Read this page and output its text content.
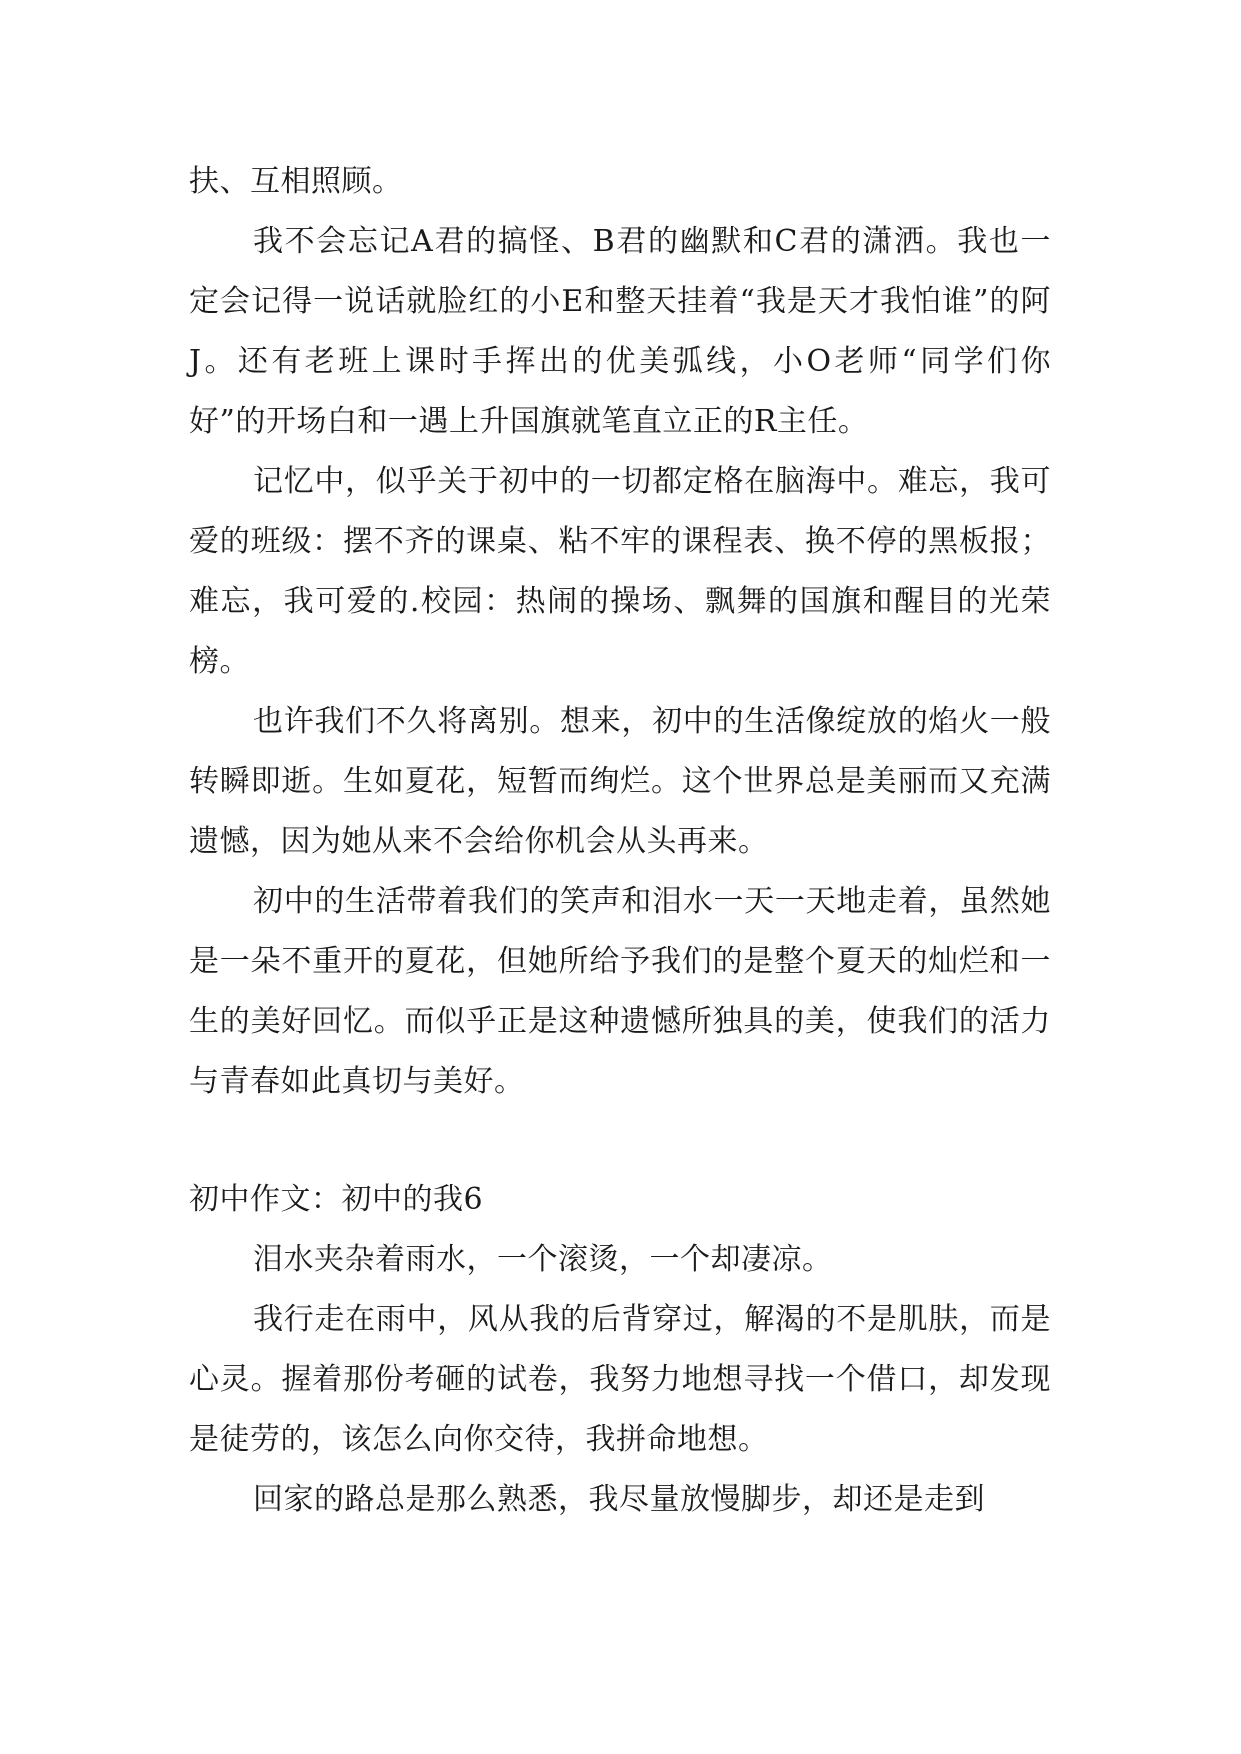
扶、互相照顾。

我不会忘记A君的搞怪、B君的幽默和C君的潇洒。我也一定会记得一说话就脸红的小E和整天挂着“我是天才我怕谁”的阿J。还有老班上课时手挥出的优美弧线，小O老师“同学们你好”的开场白和一遇上升国旗就笔直立正的R主任。

记忆中，似乎关于初中的一切都定格在脑海中。难忘，我可爱的班级：摆不齐的课桌、粘不牢的课程表、换不停的黑板报；难忘，我可爱的.校园：热闹的操场、飘舞的国旗和醒目的光荣榜。

也许我们不久将离别。想来，初中的生活像绽放的焰火一般转瞬即逝。生如夏花，短暂而绚烂。这个世界总是美丽而又充满遗憾，因为她从来不会给你机会从头再来。

初中的生活带着我们的笑声和泪水一天一天地走着，虽然她是一朵不重开的夏花，但她所给予我们的是整个夏天的灿烂和一生的美好回忆。而似乎正是这种遗憾所独具的美，使我们的活力与青春如此真切与美好。

初中作文：初中的我6

泪水夹杂着雨水，一个滚烫，一个却凄凉。

我行走在雨中，风从我的后背穿过，解渴的不是肌肤，而是心灵。握着那份考砸的试卷，我努力地想寻找一个借口，却发现是徒劳的，该怎么向你交待，我拼命地想。

回家的路总是那么熟悉，我尽量放慢脚步，却还是走到
